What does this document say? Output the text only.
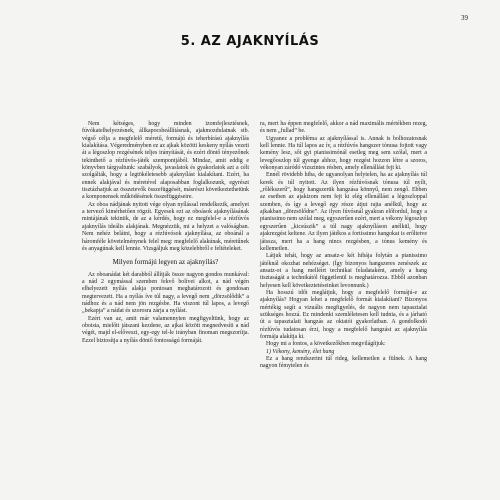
39
5. AZ AJAKNYÍLÁS

Nem kétséges, hogy minden izomfejlesztésnek, fúvókatelhelyezésnek, állkapocsbeállításnak, ajakmozdulatnak stb. végső célja a megfelelő méretű, formájú és teherbírású ajaknyílás kialakítása. Végeredményben ez az ajkak közötti keskeny nyílás vezeti át a légoszlop rezgésének teljes irányítását, és ezért döntő tényezőnek tekinthető a rézfúvós-játék szempontjából. Mindaz, amit eddig e könyvben tárgyaltunk: szabályok, javaslatok és gyakorlatok azt a célt szolgálták, hogy a legtökéletesebb ajaknyílást kialakítani. Ezért, ha ennek alakjával és méretével alaposabban foglalkozunk, egyrészt tisztázhatjuk az összetevők összefüggését, másrészt következtethetünk a komponensek működésének összefüggéseire.

Az oboa nádjának nyitott vége olyan nyílással rendelkezik, amelyet a tervező kimérhetően rögzít. Egyesek ezt az oboások ajaknyílásának mintájának tekintik, de az a kérdés, hogy ez megfelel-e a rézfúvós ajaknyílás ideális alakjának. Megnézzük, mi a helyzet a valóságban. Nem nehéz belátni, hogy a rézfúvósok ajaknyílása, az oboánál a háromféle követelménynek felel meg: megfelelő alakúnak, méretűnek és anyagúnak kell lennie. Vizsgáljuk meg közelebbről e feltételeket.

Milyen formájú legyen az ajaknyílás?

Az oboanádat két darabból állítják össze nagyon gondos munkával: a nád 2 egymással szemben fekvő bolívei alkot, a nád végén elhelyezett nyílás alakja pontosan meghatározott és gondosan megtervezett. Ha a nyílás íve túl nagy, a levegő nem „dörzsölődik” a nádhoz és a nád nem jön rezgésbe. Ha viszont túl lapos, a levegő „bekapja” a nádat és szorosra zárja a nyílást.

Ezért van az, amit már valamennyien megfigyeltünk, hogy az oboista, mielőtt játszani kezdene, az ajkai között megnedvesíti a nád végét, majd el-előveszi, egy-egy tel-le irányban finoman megszorítja. Ezzel biztosítja a nyílás döntő fontosságú formáját.

ra, mert ha éppen megfelelő, akkor a nád maximális mértékben rezeg, és nem „fullad” be.

Ugyanez a probléma az ajaknyílással is. Annak is bolhozatosnak kell lennie. Ha túl lapos az ív, a rézfúvós hangszer tónusa fojtott vagy kemény lesz, sőt gyi pianissimónál esetleg meg sem szólal, mert a levegőoszlop túl gyenge ahhoz, hogy rezgést hozzon létre a szoros, vékonyan záródó vízszintes résben, amely ellenállást fejt ki.

Ennél rövidebb hiba, de ugyanolyan helytelen, ha az ajaknyílás túl kerek és túl nyitott. Az ilyen rézfúvósnak tónusa túl nyílt, „rőlékszerű”, hogy hangszerük hangzása könnyű, nem zengő. Ebben az esetben az ajakizom nem fejt ki elég ellenállást a légoszloppal szemben, és így a levegő egy része átjut rajta anélkül, hogy az ajkakban „dörzsölődne”. Az ilyen fúvósnál gyakran előfordul, hogy a pianissimo nem szólal meg, egyszerűen ezért, mert a vékony légoszlop egyszerűen „kicsúszik” a túl nagy ajaknyíláson anélkül, hogy ajakrezgést keltene. Az ilyen játékos a fortissimo hangokat is erőltetve játssza, mert ha a hang nincs rezgésben, a tónus kemény és kellemetlen.

Látjuk tehát, hogy az ansatz-e két hibája folytán a pianissimo játéknál okozhat nehézséget. (Így bizonyos hangszeres zenészek az ansatz-ot a hang melléírt technikai feladataként, amely a hang tisztaságát a technikától függetlenül is meghatározza. Ebből azonban helyesen kell következtetéseinket levonnunk.)

Ha hosszú időt meglátjuk, hogy a megfelelő formájú-e az ajaknyílás? Hogyan lehet a megfelelő formát kialakítani? Bizonyos mértékig segít a vizuális megfigyelés, de nagyon nem tapasztalat szükséges hozzá. Ez mindenki szemléletesen kell tudnia, és a járható út a tapasztalati hangzás az oktatói gyakorlatban. A gondolkodó rézfúvós tudatosan érzi, hogy a megfelelő hangzást az ajaknyílás formája alakítja ki.

Hogy mi a fontos, a következőkben megvilágítjuk:

1) Vékony, kemény, élet hang

Ez a hang rendszerint túl rideg, kellemetlen a fülnek. A hang nagyon fémytelen és
